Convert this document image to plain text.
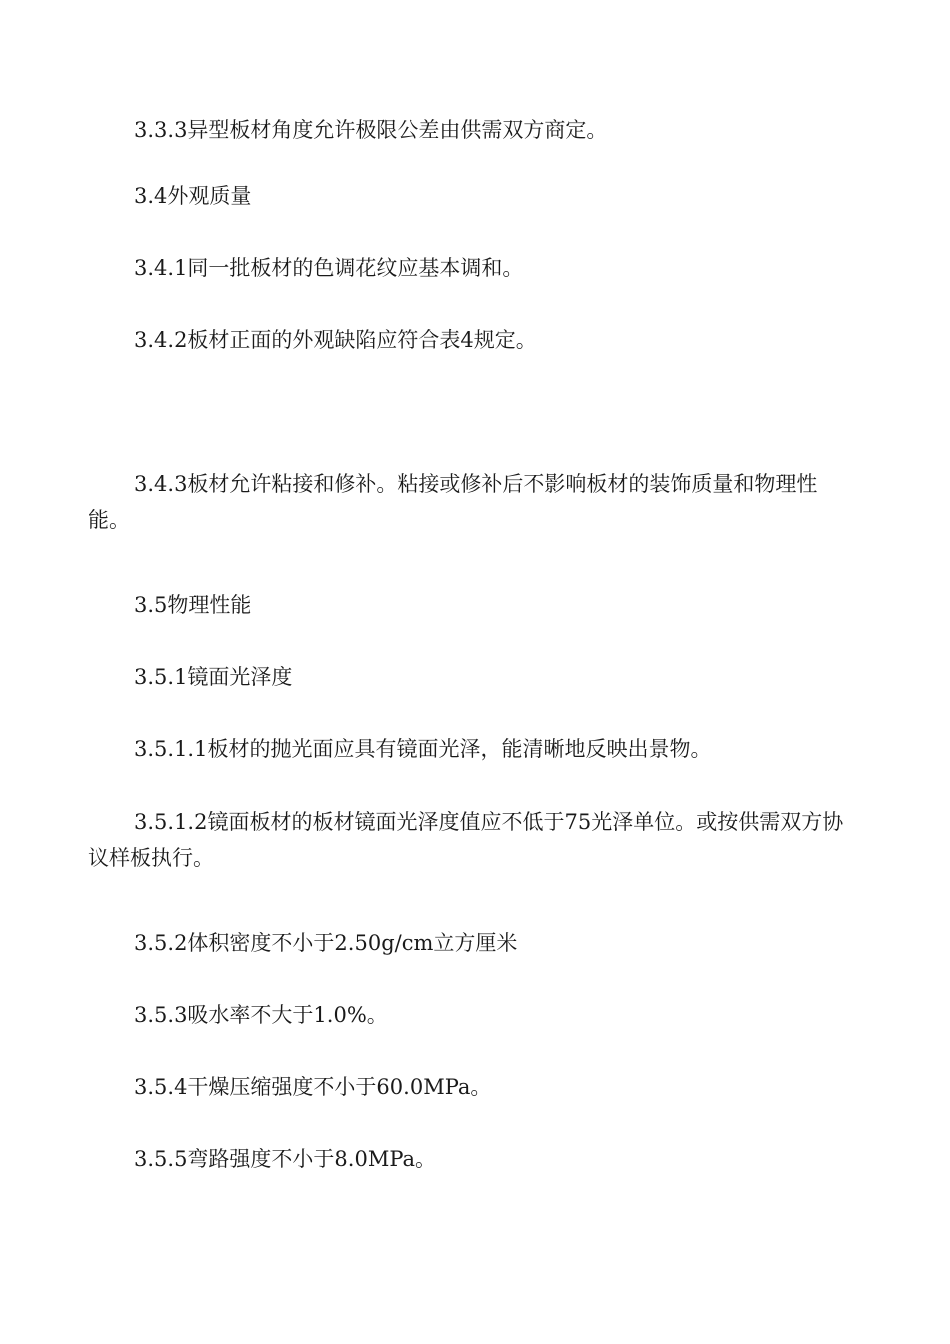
3.3.3异型板材角度允许极限公差由供需双方商定。

3.4外观质量

3.4.1同一批板材的色调花纹应基本调和。

3.4.2板材正面的外观缺陷应符合表4规定。

3.4.3板材允许粘接和修补。粘接或修补后不影响板材的装饰质量和物理性能。

3.5物理性能

3.5.1镜面光泽度

3.5.1.1板材的抛光面应具有镜面光泽，能清晰地反映出景物。

3.5.1.2镜面板材的板材镜面光泽度值应不低于75光泽单位。或按供需双方协议样板执行。

3.5.2体积密度不小于2.50g/cm立方厘米

3.5.3吸水率不大于1.0%。

3.5.4干燥压缩强度不小于60.0MPa。

3.5.5弯路强度不小于8.0MPa。
